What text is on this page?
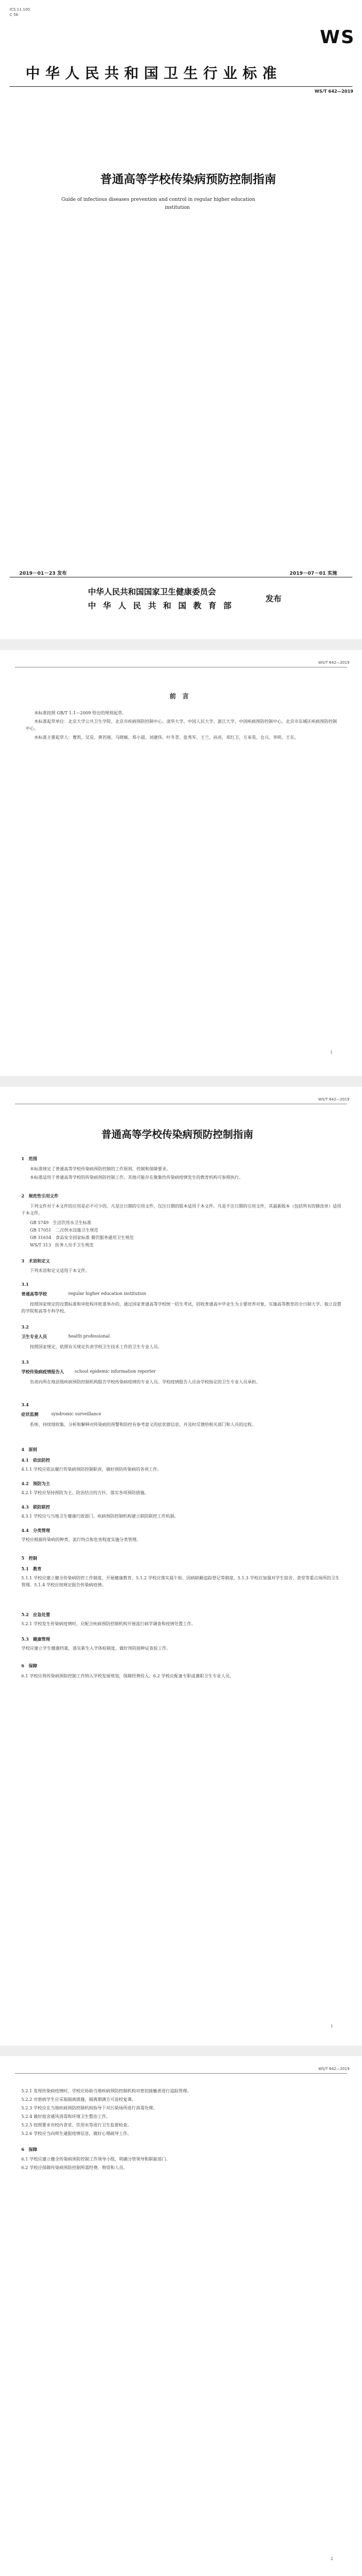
ICS 11.100
C 56
WS
中华人民共和国卫生行业标准
WS/T 642—2019
普通高等学校传染病预防控制指南
Guide of infectious diseases prevention and control in regular higher education
institution
2019－01－23 发布	2019－07－01 实施
中华人民共和国国家卫生健康委员会
中 华 人 民 共 和 国 教 育 部
发布
WS/T 642—2019
前　言
本标准按照 GB/T 1.1—2009 给出的规则起草。
本标准起草单位：北京大学公共卫生学院、北京市疾病预防控制中心、清华大学、中国人民大学、浙江大学、中国疾病预防控制中心、北京市东城区疾病预防控制中心。
本标准主要起草人：曹凯、吴昊、黄若刚、马晓颖、郑小晨、刘建伟、叶冬青、张秀军、王兰、孙亮、邓红卫、方来英、仓兴、李明、王东。
I
WS/T 642—2019
普通高等学校传染病预防控制指南
1　范围
本标准规定了普通高等学校传染病预防控制的工作原则、控制和保障要求。
本标准适用于普通高等学校的传染病预防控制工作。其他可能存在聚集性传染病疫情发生的教育机构可参照执行。
2　规范性引用文件
下列文件对于本文件的应用是必不可少的。凡是注日期的引用文件，仅注日期的版本适用于本文件。凡是不注日期的引用文件，其最新版本（包括所有的修改单）适用于本文件。
GB 5749　生活饮用水卫生标准
GB 17051　二次供水设施卫生规范
GB 31654　食品安全国家标准 餐饮服务通用卫生规范
WS/T 313　医务人员手卫生规范
3　术语和定义
下列术语和定义适用于本文件。
3.1
普通高等学校	regular higher education institution
按照国家规定的设置标准和审批程序批准举办的，通过国家普通高等学校统一招生考试，招收普通高中毕业生为主要培养对象，实施高等教育的全日制大学、独立设置的学院和高等专科学校。
3.2
卫生专业人员	health professional
按照国家规定，依照有关规定负责学校卫生技术工作的卫生专业人员。
3.3
学校传染病疫情报告人	school epidemic information reporter
负责向所在地县级疾病预防控制机构报告学校传染病疫情的专业人员。学校疫情报告人应由学校指定的卫生专业人员承担。
3.4
症状监测	syndromic surveillance
系统、持续地收集、分析和解释对传染病的预警和防控有参考意义的症状群信息，并及时反馈给相关部门和人员的过程。
4　原则
4.1　依法防控
4.1.1 学校应依法履行传染病预防控制职责，做好预防传染病的各项工作。
4.2　预防为主
4.2.1 学校应坚持预防为主、防治结合的方针，落实各项预防措施。
4.3　联防联控
4.3.1 学校应与当地卫生健康行政部门、疾病预防控制机构建立联防联控工作机制。
4.4　分类管理
学校应根据传染病的种类、流行特点和危害程度实施分类管理。
5　控制
5.1　教育
5.1.1 学校应建立健全传染病防控工作制度，开展健康教育。5.1.2 学校应落实晨午检、因病缺勤追踪登记等制度。5.1.3 学校应加强对学生宿舍、食堂等重点场所的卫生管理。5.1.4 学校应按规定报告传染病疫情。
5.2　应急处置
5.2.1 学校发生传染病疫情时，应配合疾病预防控制机构开展流行病学调查和疫情处置工作。
5.3　健康管理
学校应建立学生健康档案，落实新生入学体检制度，做好预防接种证查验工作。
6　保障
6.1 学校应将传染病预防控制工作纳入学校发展规划，保障经费投入。6.2 学校应配备专职或兼职卫生专业人员。
1
WS/T 642—2019
5.2.1 发现传染病疫情时，学校应协助当地疾病预防控制机构对密切接触者进行追踪管理。
5.2.2 对患病学生应采取隔离措施，隔离期满方可返校复课。
5.2.3 学校应在当地疾病预防控制机构指导下对污染场所进行消毒处理。
5.2.4 做好宿舍通风消毒和环境卫生整治工作。
5.2.5 按照要求对校内食堂、饮用水等进行卫生监督检查。
5.2.6 学校应当向师生通报疫情信息，做好心理疏导工作。
6　保障
6.1 学校应建立健全传染病预防控制工作领导小组，明确分管领导和职能部门。
6.2 学校应保障传染病预防控制所需经费、物资和人员。
2
